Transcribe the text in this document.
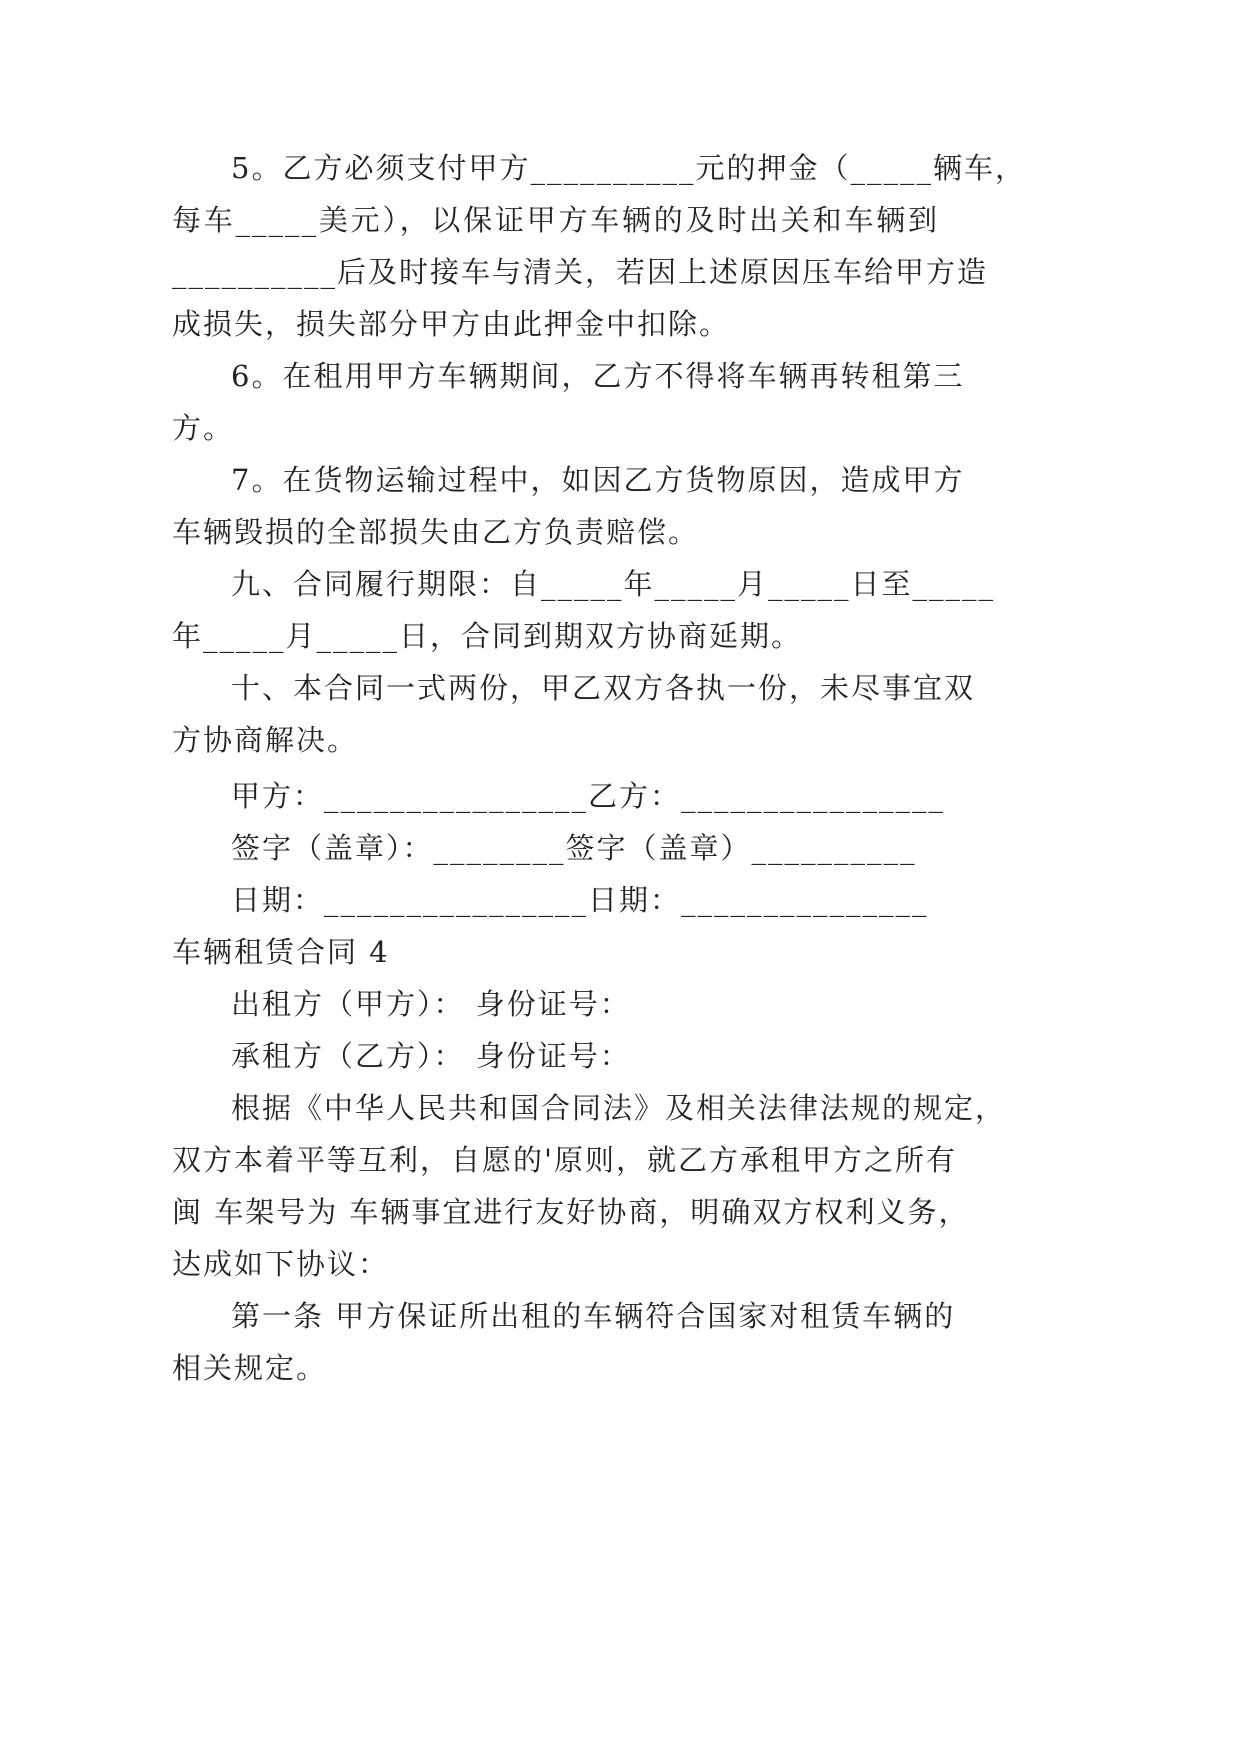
5。乙方必须支付甲方__________元的押金（_____辆车，
每车_____美元），以保证甲方车辆的及时出关和车辆到
__________后及时接车与清关，若因上述原因压车给甲方造
成损失，损失部分甲方由此押金中扣除。
6。在租用甲方车辆期间，乙方不得将车辆再转租第三
方。
7。在货物运输过程中，如因乙方货物原因，造成甲方
车辆毁损的全部损失由乙方负责赔偿。
九、合同履行期限：自_____年_____月_____日至_____
年_____月_____日，合同到期双方协商延期。
十、本合同一式两份，甲乙双方各执一份，未尽事宜双
方协商解决。
甲方：________________乙方：________________
签字（盖章）：________签字（盖章）__________
日期：________________日期：_______________
车辆租赁合同 4
出租方（甲方）： 身份证号：
承租方（乙方）： 身份证号：
根据《中华人民共和国合同法》及相关法律法规的规定，
双方本着平等互利，自愿的'原则，就乙方承租甲方之所有
闽 车架号为 车辆事宜进行友好协商，明确双方权利义务，
达成如下协议：
第一条 甲方保证所出租的车辆符合国家对租赁车辆的
相关规定。
